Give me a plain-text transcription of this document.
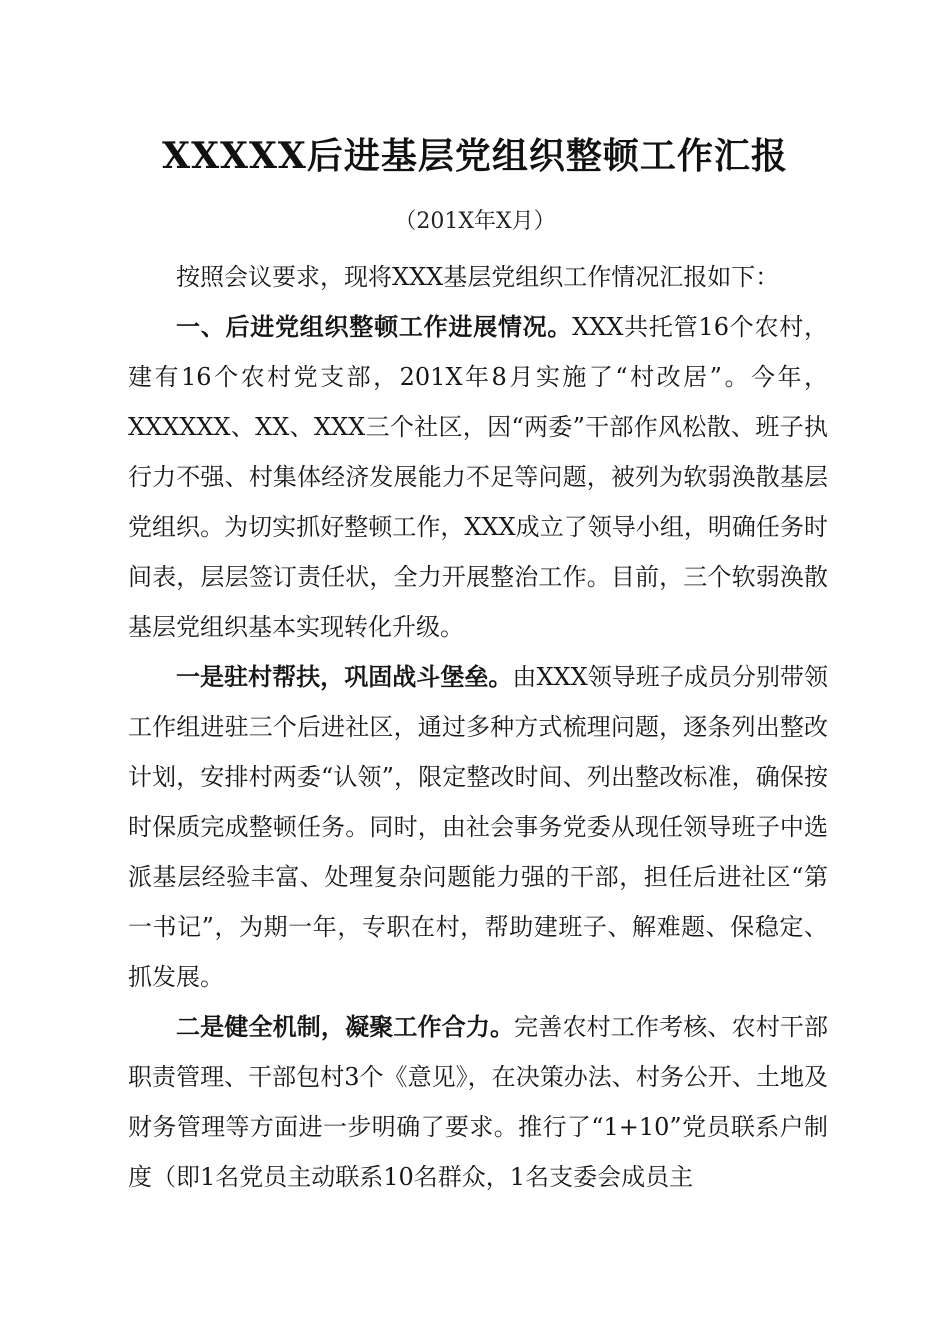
XXXXX后进基层党组织整顿工作汇报
（201X年X月）

按照会议要求，现将XXX基层党组织工作情况汇报如下：

一、后进党组织整顿工作进展情况。XXX共托管16个农村，建有16个农村党支部，201X年8月实施了“村改居”。今年，XXXXXX、XX、XXX三个社区，因“两委”干部作风松散、班子执行力不强、村集体经济发展能力不足等问题，被列为软弱涣散基层党组织。为切实抓好整顿工作，XXX成立了领导小组，明确任务时间表，层层签订责任状，全力开展整治工作。目前，三个软弱涣散基层党组织基本实现转化升级。

一是驻村帮扶，巩固战斗堡垒。由XXX领导班子成员分别带领工作组进驻三个后进社区，通过多种方式梳理问题，逐条列出整改计划，安排村两委“认领”，限定整改时间、列出整改标准，确保按时保质完成整顿任务。同时，由社会事务党委从现任领导班子中选派基层经验丰富、处理复杂问题能力强的干部，担任后进社区“第一书记”，为期一年，专职在村，帮助建班子、解难题、保稳定、抓发展。

二是健全机制，凝聚工作合力。完善农村工作考核、农村干部职责管理、干部包村3个《意见》，在决策办法、村务公开、土地及财务管理等方面进一步明确了要求。推行了“1+10”党员联系户制度（即1名党员主动联系10名群众，1名支委会成员主
